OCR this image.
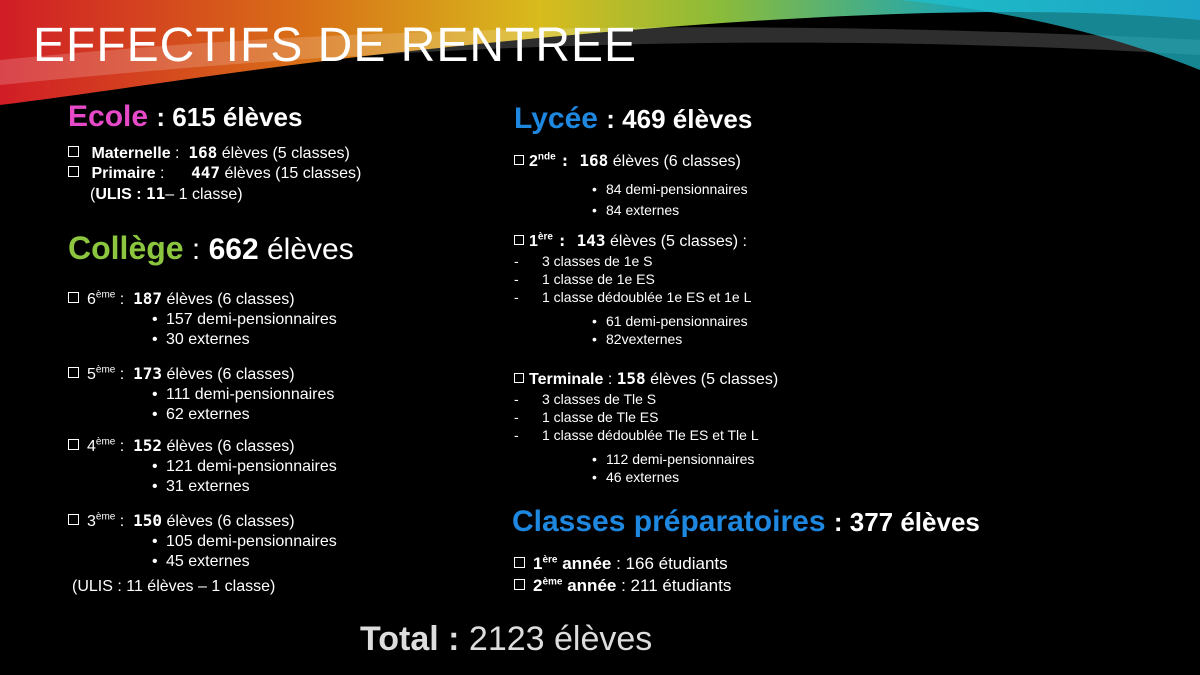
EFFECTIFS DE RENTREE
Ecole : 615 élèves
Maternelle : 168 élèves (5 classes)
Primaire : 447 élèves (15 classes)
(ULIS : 11– 1 classe)
Collège : 662 élèves
6ème :  187 élèves (6 classes)
• 157 demi-pensionnaires
• 30 externes
5ème :  173 élèves (6 classes)
• 111 demi-pensionnaires
• 62 externes
4ème :  152 élèves (6 classes)
• 121 demi-pensionnaires
• 31 externes
3ème :  150 élèves (6 classes)
• 105 demi-pensionnaires
• 45 externes
(ULIS : 11 élèves – 1 classe)
Lycée : 469 élèves
2nde : 168 élèves (6 classes)
• 84 demi-pensionnaires
• 84 externes
1ère : 143 élèves (5 classes) :
- 3 classes de 1e S
- 1 classe de 1e ES
- 1 classe dédoublée 1e ES et 1e L
• 61 demi-pensionnaires
• 82vexternes
Terminale : 158 élèves (5 classes)
- 3 classes de Tle S
- 1 classe de Tle ES
- 1 classe dédoublée Tle ES et Tle L
• 112 demi-pensionnaires
• 46 externes
Classes préparatoires : 377 élèves
1ère année : 166 étudiants
2ème année : 211 étudiants
Total : 2123 élèves
